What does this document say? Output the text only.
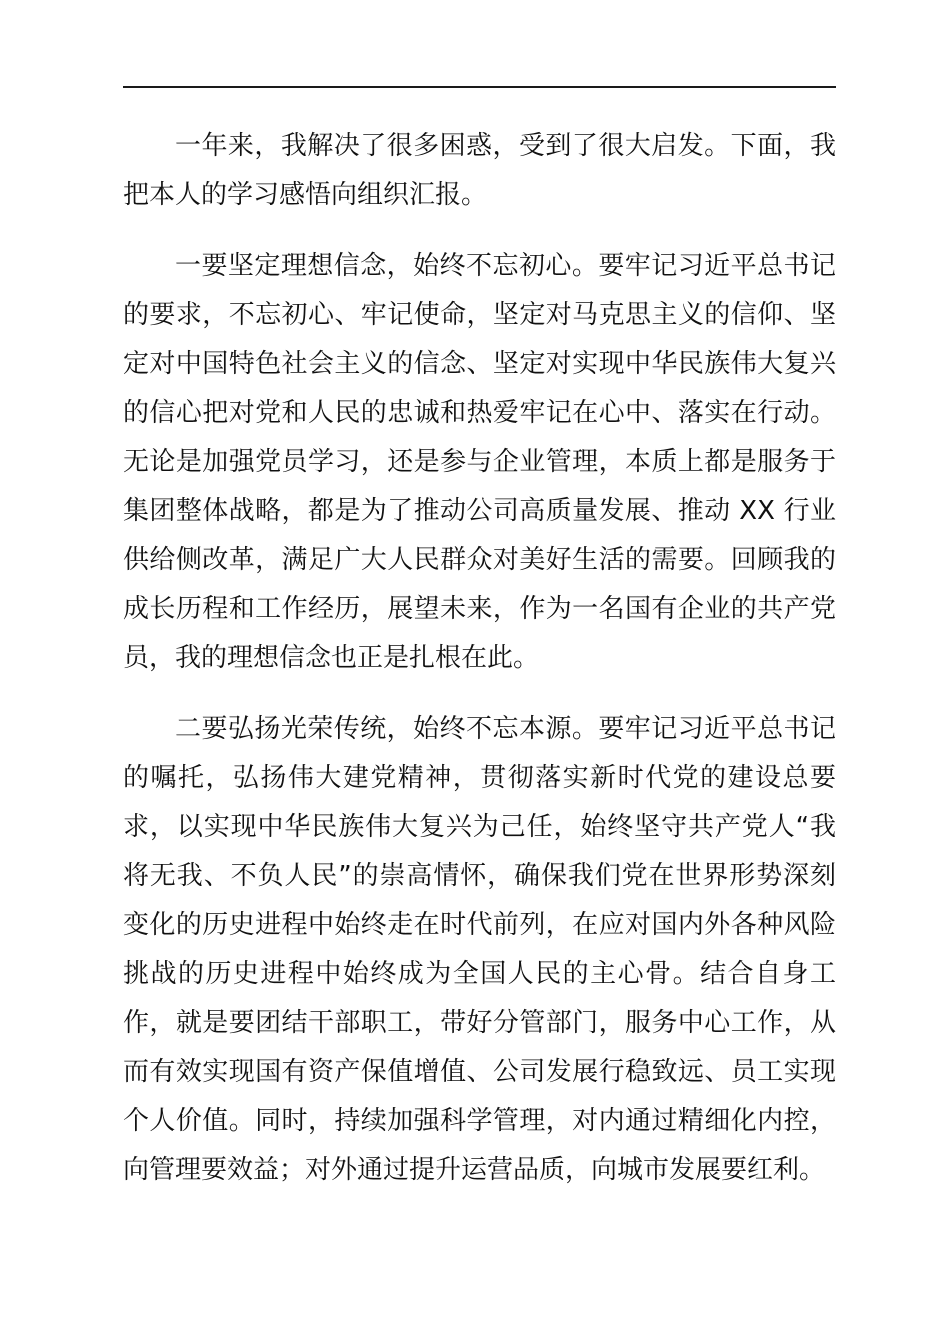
一年来，我解决了很多困惑，受到了很大启发。下面，我把本人的学习感悟向组织汇报。

一要坚定理想信念，始终不忘初心。要牢记习近平总书记的要求，不忘初心、牢记使命，坚定对马克思主义的信仰、坚定对中国特色社会主义的信念、坚定对实现中华民族伟大复兴的信心把对党和人民的忠诚和热爱牢记在心中、落实在行动。无论是加强党员学习，还是参与企业管理，本质上都是服务于集团整体战略，都是为了推动公司高质量发展、推动 XX 行业供给侧改革，满足广大人民群众对美好生活的需要。回顾我的成长历程和工作经历，展望未来，作为一名国有企业的共产党员，我的理想信念也正是扎根在此。

二要弘扬光荣传统，始终不忘本源。要牢记习近平总书记的嘱托，弘扬伟大建党精神，贯彻落实新时代党的建设总要求，以实现中华民族伟大复兴为己任，始终坚守共产党人“我将无我、不负人民”的崇高情怀，确保我们党在世界形势深刻变化的历史进程中始终走在时代前列，在应对国内外各种风险挑战的历史进程中始终成为全国人民的主心骨。结合自身工作，就是要团结干部职工，带好分管部门，服务中心工作，从而有效实现国有资产保值增值、公司发展行稳致远、员工实现个人价值。同时，持续加强科学管理，对内通过精细化内控，向管理要效益；对外通过提升运营品质，向城市发展要红利。
